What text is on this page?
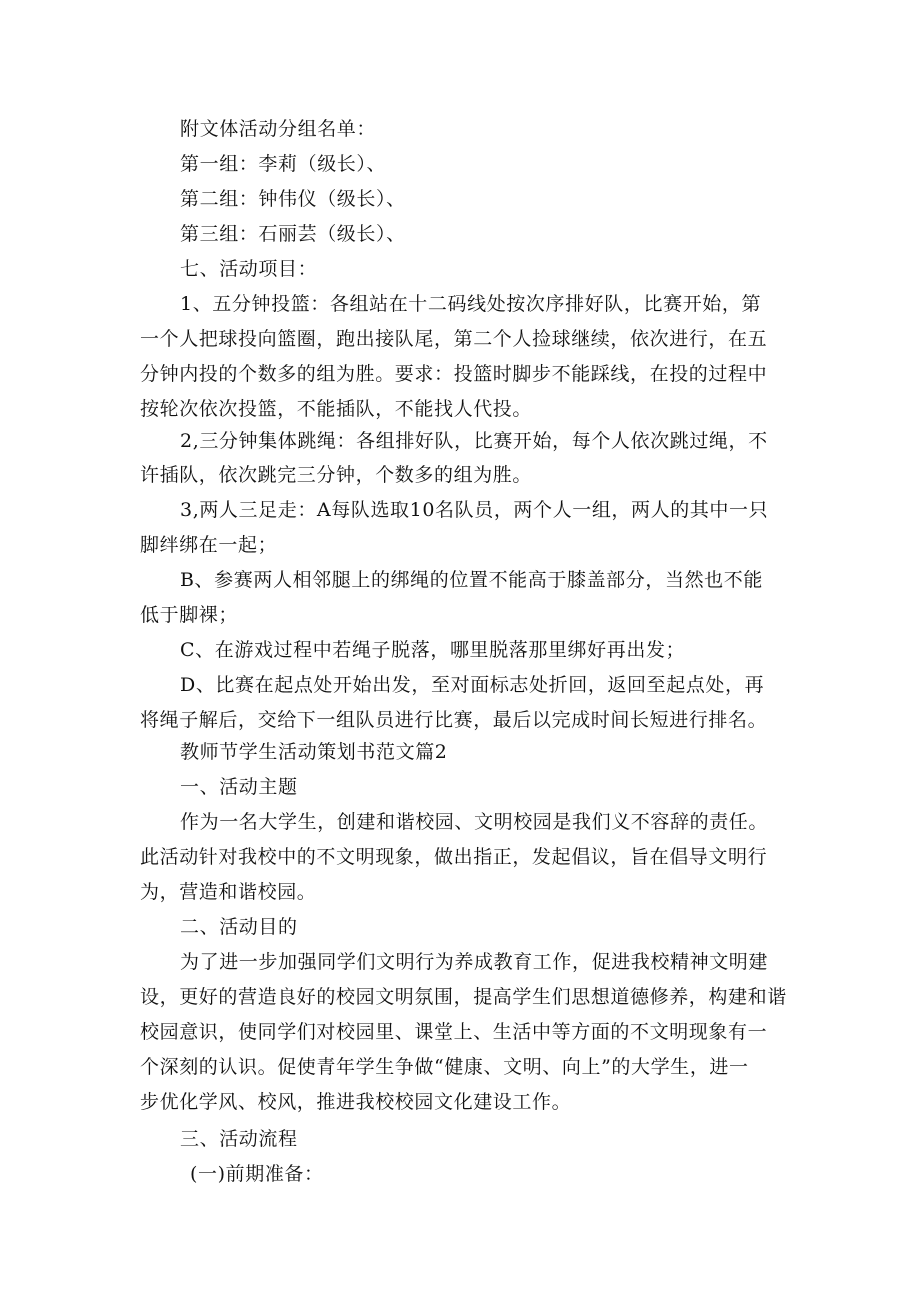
附文体活动分组名单：
第一组：李莉（级长）、
第二组：钟伟仪（级长）、
第三组：石丽芸（级长）、
七、活动项目：
1、五分钟投篮：各组站在十二码线处按次序排好队，比赛开始，第
一个人把球投向篮圈，跑出接队尾，第二个人捡球继续，依次进行，在五
分钟内投的个数多的组为胜。要求：投篮时脚步不能踩线，在投的过程中
按轮次依次投篮，不能插队，不能找人代投。
2,三分钟集体跳绳：各组排好队，比赛开始，每个人依次跳过绳，不
许插队，依次跳完三分钟，个数多的组为胜。
3,两人三足走：A每队选取10名队员，两个人一组，两人的其中一只
脚绊绑在一起；
B、参赛两人相邻腿上的绑绳的位置不能高于膝盖部分，当然也不能
低于脚裸；
C、在游戏过程中若绳子脱落，哪里脱落那里绑好再出发；
D、比赛在起点处开始出发，至对面标志处折回，返回至起点处，再
将绳子解后，交给下一组队员进行比赛，最后以完成时间长短进行排名。
教师节学生活动策划书范文篇2
一、活动主题
作为一名大学生，创建和谐校园、文明校园是我们义不容辞的责任。
此活动针对我校中的不文明现象，做出指正，发起倡议，旨在倡导文明行
为，营造和谐校园。
二、活动目的
为了进一步加强同学们文明行为养成教育工作，促进我校精神文明建
设，更好的营造良好的校园文明氛围，提高学生们思想道德修养，构建和谐
校园意识，使同学们对校园里、课堂上、生活中等方面的不文明现象有一
个深刻的认识。促使青年学生争做“健康、文明、向上”的大学生，进一
步优化学风、校风，推进我校校园文化建设工作。
三、活动流程
(一)前期准备：
